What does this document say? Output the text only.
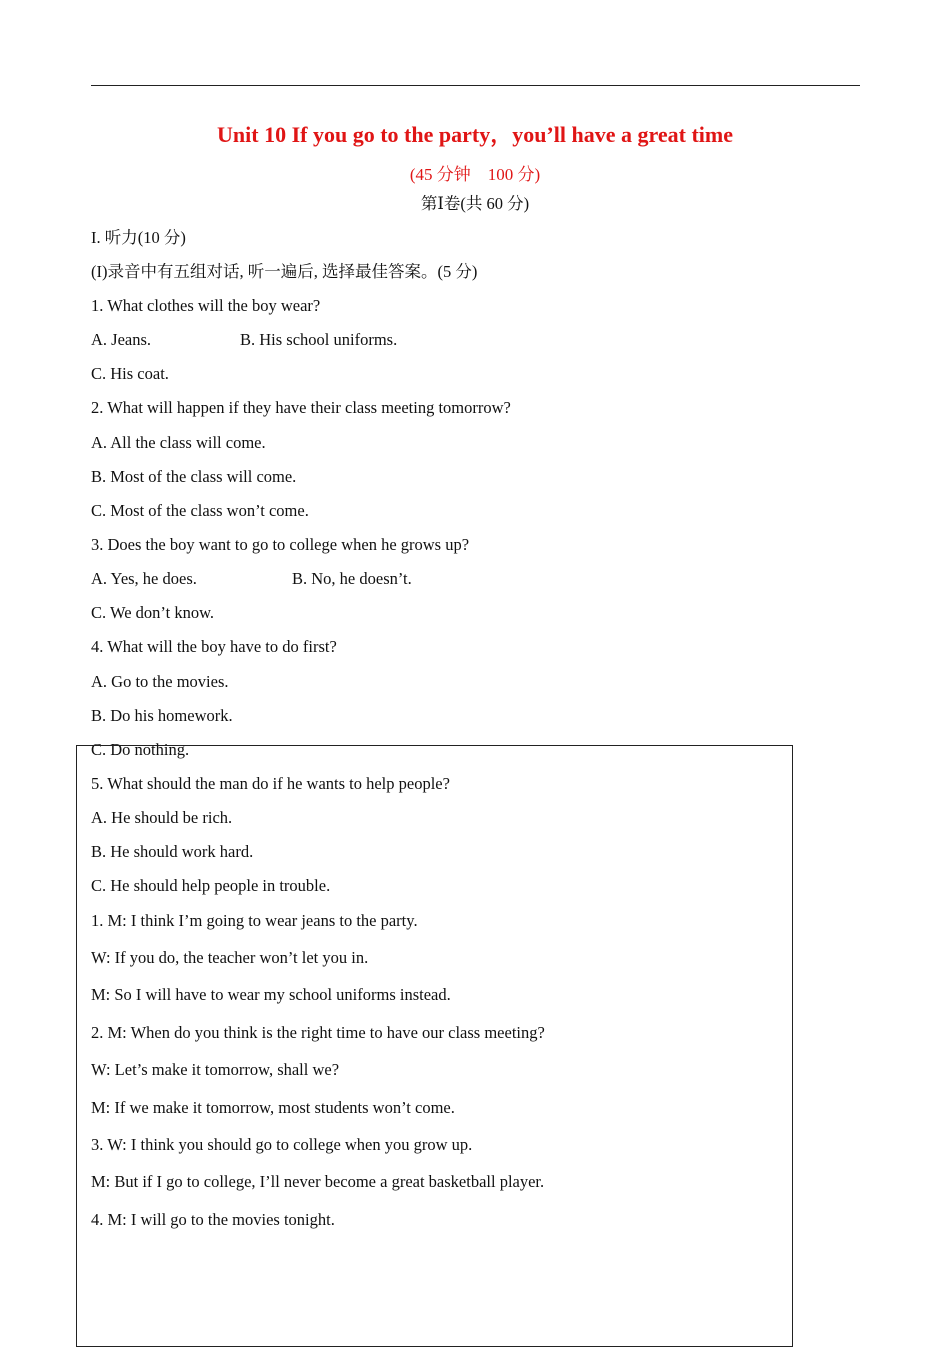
Unit 10 If you go to the party，you’ll have a great time
(45 分钟    100 分)
第Ⅰ卷(共 60 分)
I. 听力(10 分)
(I)录音中有五组对话, 听一遍后, 选择最佳答案。(5 分)
1. What clothes will the boy wear?
A. Jeans.	B. His school uniforms.
C. His coat.
2. What will happen if they have their class meeting tomorrow?
A. All the class will come.
B. Most of the class will come.
C. Most of the class won’t come.
3. Does the boy want to go to college when he grows up?
A. Yes, he does.	B. No, he doesn’t.
C. We don’t know.
4. What will the boy have to do first?
A. Go to the movies.
B. Do his homework.
C. Do nothing.
5. What should the man do if he wants to help people?
A. He should be rich.
B. He should work hard.
C. He should help people in trouble.
1. M: I think I’m going to wear jeans to the party.
W: If you do, the teacher won’t let you in.
M: So I will have to wear my school uniforms instead.
2. M: When do you think is the right time to have our class meeting?
W: Let’s make it tomorrow, shall we?
M: If we make it tomorrow, most students won’t come.
3. W: I think you should go to college when you grow up.
M: But if I go to college, I’ll never become a great basketball player.
4. M: I will go to the movies tonight.
